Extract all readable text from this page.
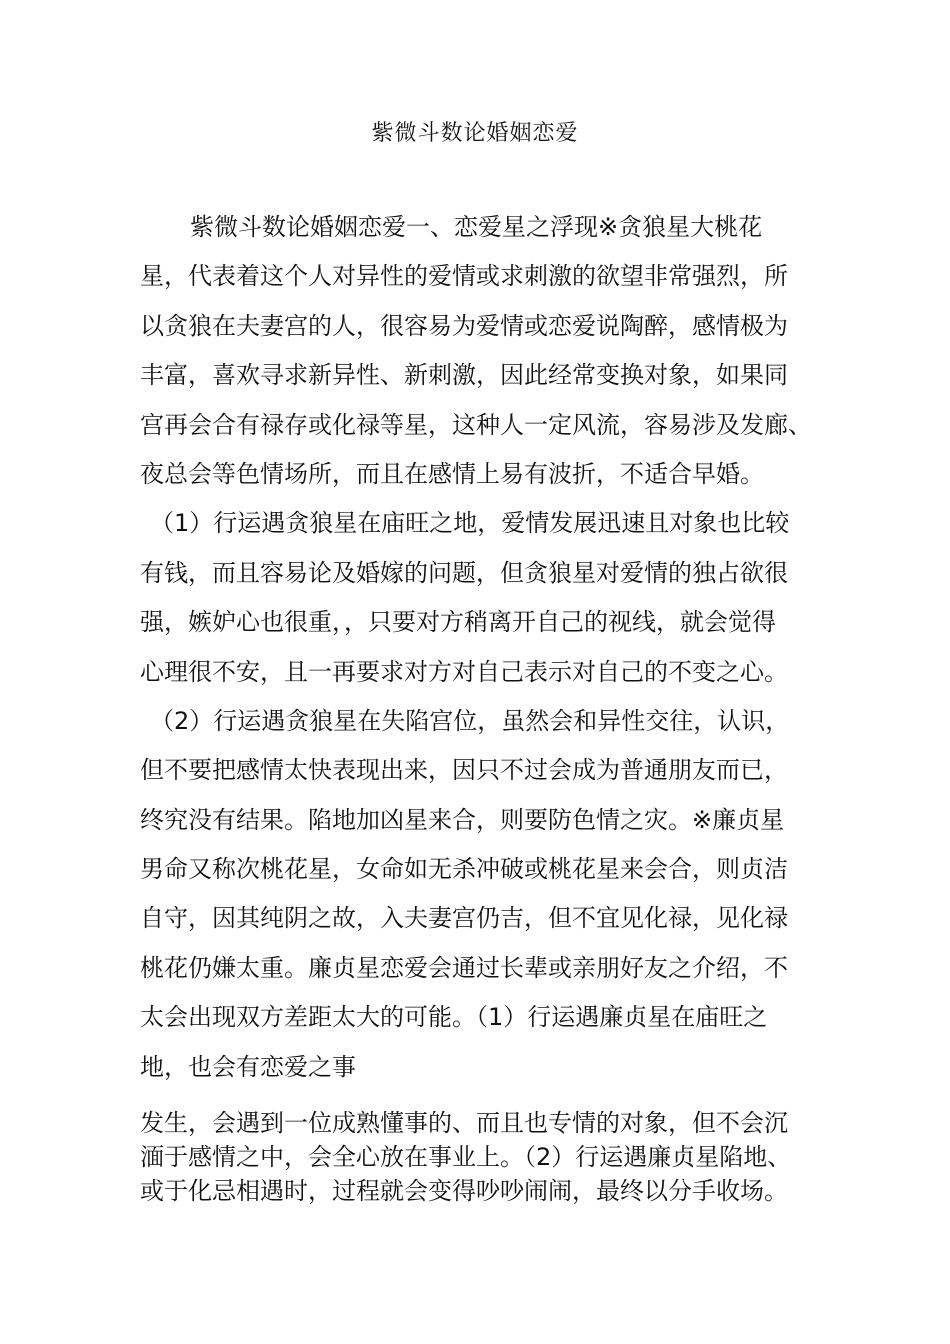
紫微斗数论婚姻恋爱
紫微斗数论婚姻恋爱一、恋爱星之浮现※贪狼星大桃花
星，代表着这个人对异性的爱情或求刺激的欲望非常强烈，所
以贪狼在夫妻宫的人，很容易为爱情或恋爱说陶醉，感情极为
丰富，喜欢寻求新异性、新刺激，因此经常变换对象，如果同
宫再会合有禄存或化禄等星，这种人一定风流，容易涉及发廊、
夜总会等色情场所，而且在感情上易有波折，不适合早婚。
（1）行运遇贪狼星在庙旺之地，爱情发展迅速且对象也比较
有钱，而且容易论及婚嫁的问题，但贪狼星对爱情的独占欲很
强，嫉妒心也很重，，只要对方稍离开自己的视线，就会觉得
心理很不安，且一再要求对方对自己表示对自己的不变之心。
（2）行运遇贪狼星在失陷宫位，虽然会和异性交往，认识，
但不要把感情太快表现出来，因只不过会成为普通朋友而已，
终究没有结果。陷地加凶星来合，则要防色情之灾。※廉贞星
男命又称次桃花星，女命如无杀冲破或桃花星来会合，则贞洁
自守，因其纯阴之故，入夫妻宫仍吉，但不宜见化禄，见化禄
桃花仍嫌太重。廉贞星恋爱会通过长辈或亲朋好友之介绍，不
太会出现双方差距太大的可能。（1）行运遇廉贞星在庙旺之
地，也会有恋爱之事
发生，会遇到一位成熟懂事的、而且也专情的对象，但不会沉
湎于感情之中，会全心放在事业上。（2）行运遇廉贞星陷地、
或于化忌相遇时，过程就会变得吵吵闹闹，最终以分手收场。
